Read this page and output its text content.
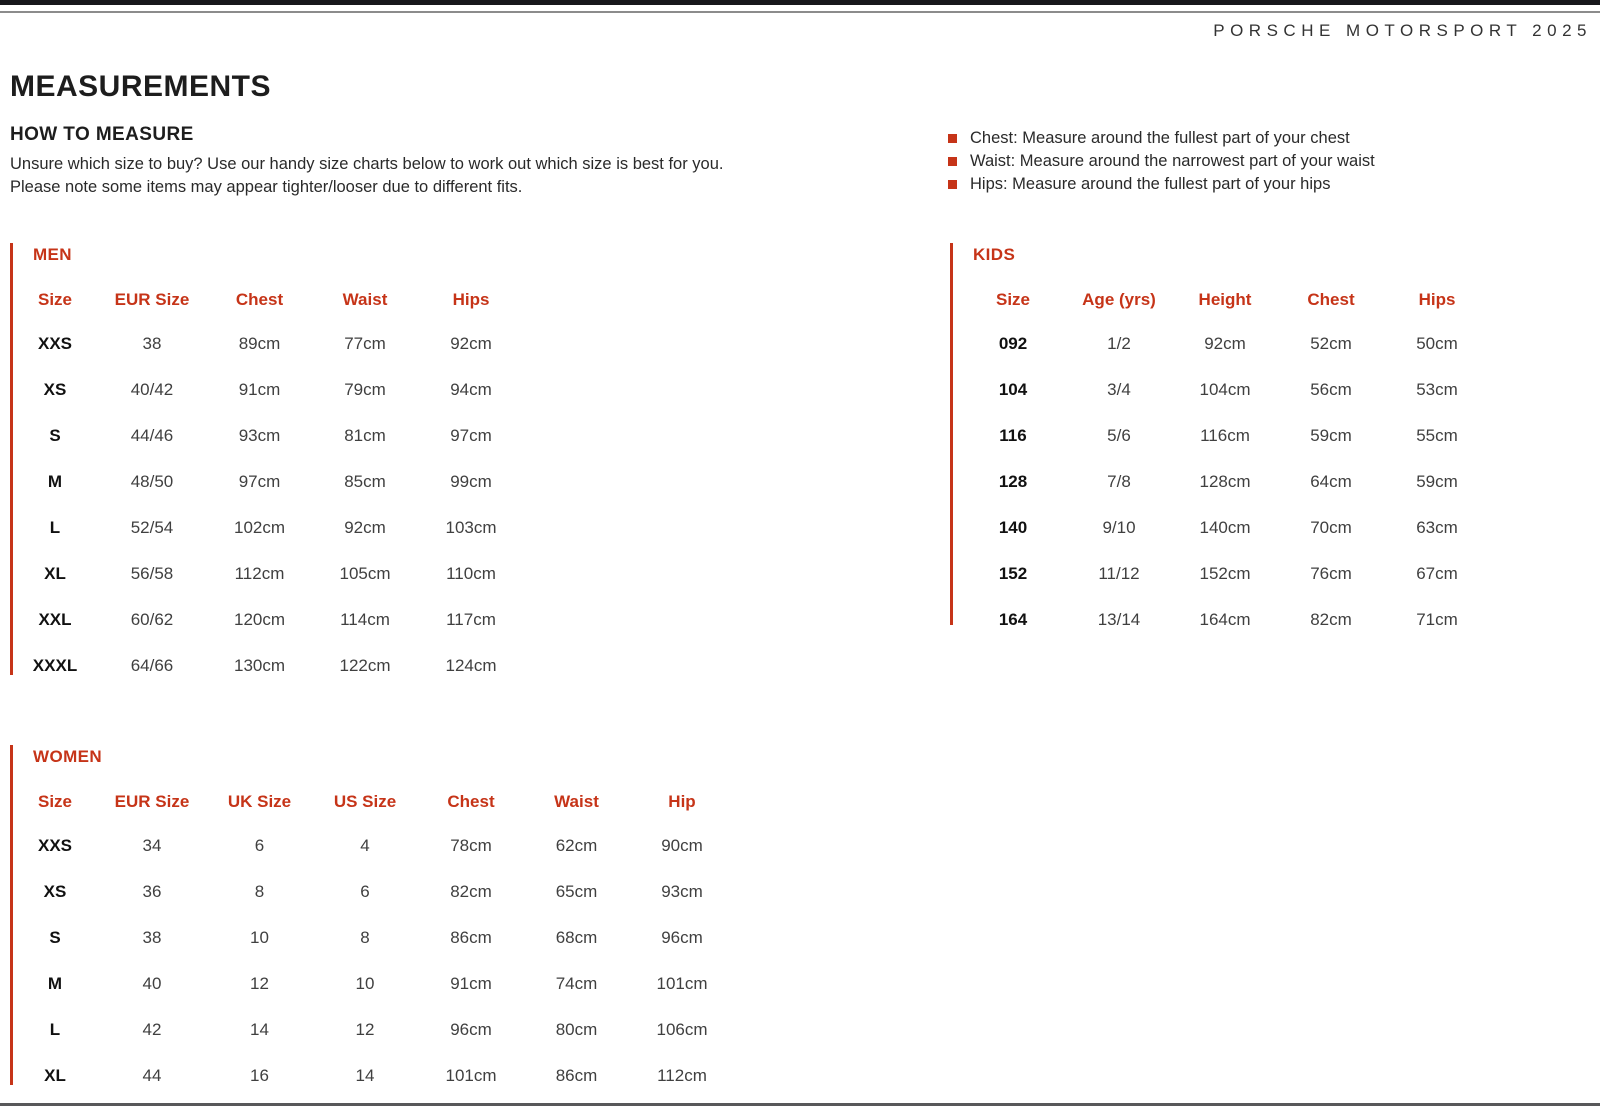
PORSCHE MOTORSPORT 2025
MEASUREMENTS
HOW TO MEASURE

Unsure which size to buy? Use our handy size charts below to work out which size is best for you.

Please note some items may appear tighter/looser due to different fits.

Chest: Measure around the fullest part of your chest
Waist: Measure around the narrowest part of your waist
Hips: Measure around the fullest part of your hips
MEN
Size	EUR Size	Chest	Waist	Hips
XXS	38	89cm	77cm	92cm
XS	40/42	91cm	79cm	94cm
S	44/46	93cm	81cm	97cm
M	48/50	97cm	85cm	99cm
L	52/54	102cm	92cm	103cm
XL	56/58	112cm	105cm	110cm
XXL	60/62	120cm	114cm	117cm
XXXL	64/66	130cm	122cm	124cm
KIDS
Size	Age (yrs)	Height	Chest	Hips
092	1/2	92cm	52cm	50cm
104	3/4	104cm	56cm	53cm
116	5/6	116cm	59cm	55cm
128	7/8	128cm	64cm	59cm
140	9/10	140cm	70cm	63cm
152	11/12	152cm	76cm	67cm
164	13/14	164cm	82cm	71cm
WOMEN
Size	EUR Size	UK Size	US Size	Chest	Waist	Hip
XXS	34	6	4	78cm	62cm	90cm
XS	36	8	6	82cm	65cm	93cm
S	38	10	8	86cm	68cm	96cm
M	40	12	10	91cm	74cm	101cm
L	42	14	12	96cm	80cm	106cm
XL	44	16	14	101cm	86cm	112cm
